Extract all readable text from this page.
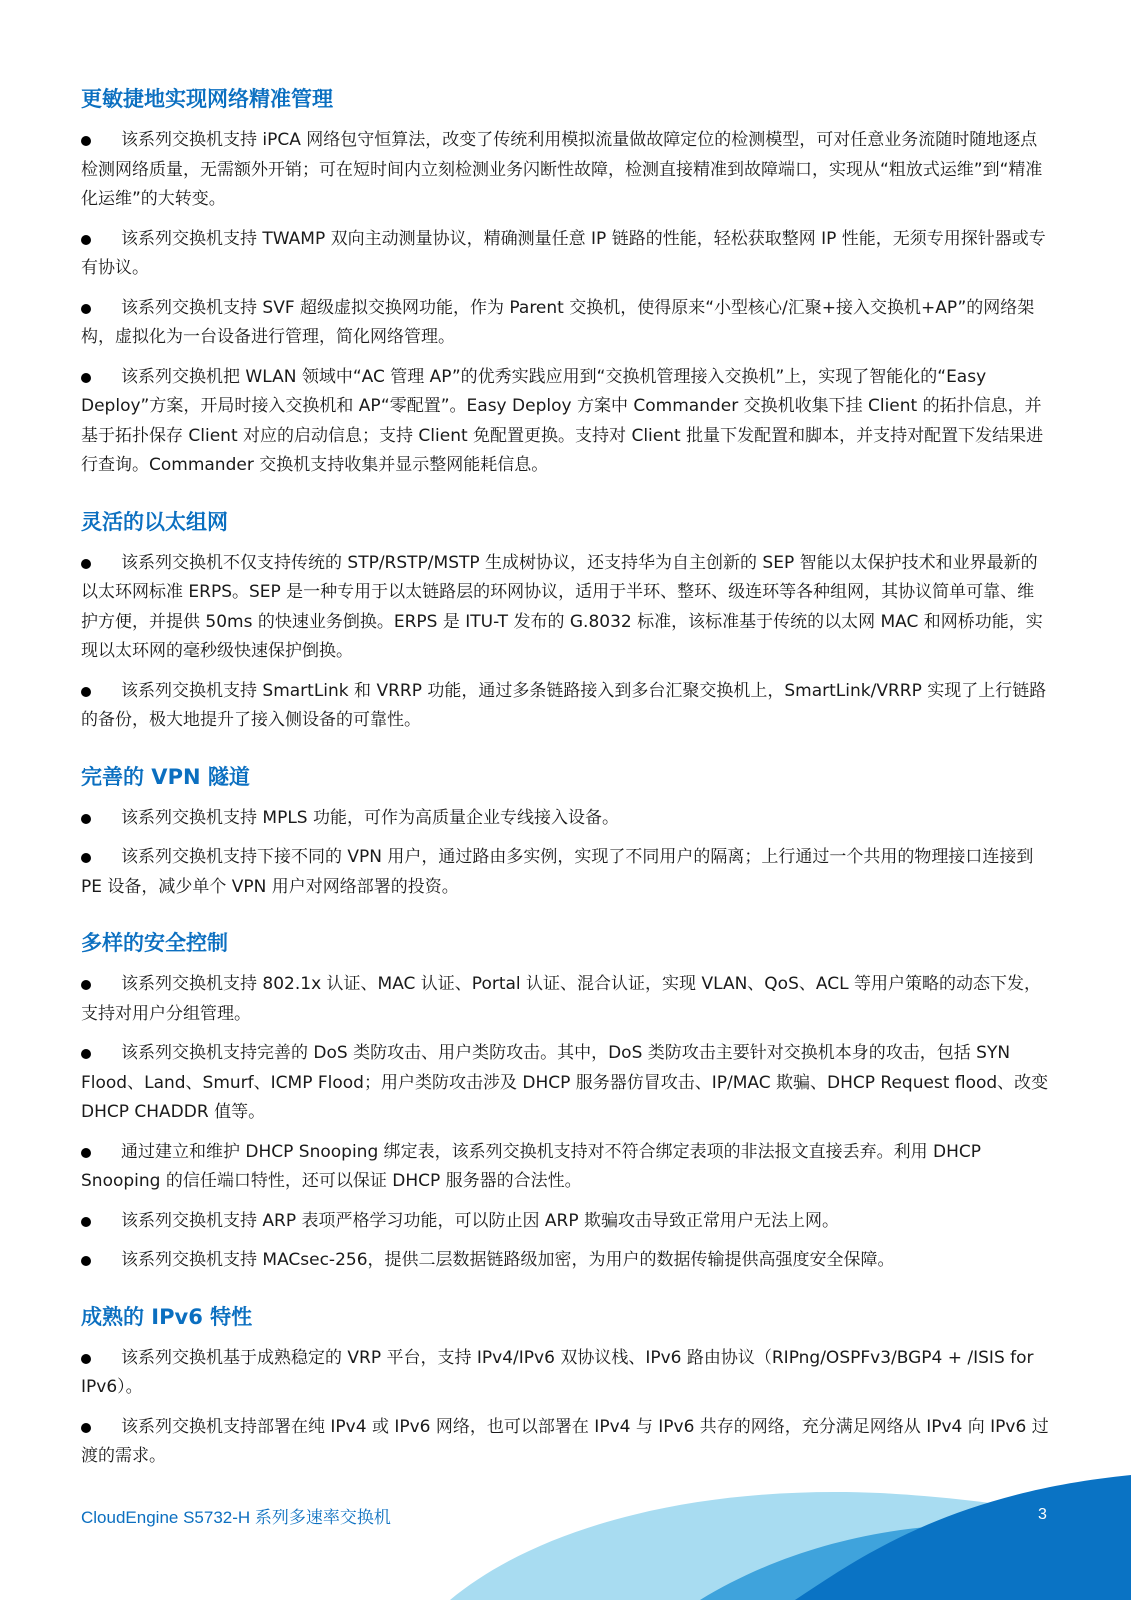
更敏捷地实现网络精准管理

该系列交换机支持 iPCA 网络包守恒算法，改变了传统利用模拟流量做故障定位的检测模型，可对任意业务流随时随地逐点检测网络质量，无需额外开销；可在短时间内立刻检测业务闪断性故障，检测直接精准到故障端口，实现从“粗放式运维”到“精准化运维”的大转变。

该系列交换机支持 TWAMP 双向主动测量协议，精确测量任意 IP 链路的性能，轻松获取整网 IP 性能，无须专用探针器或专有协议。

该系列交换机支持 SVF 超级虚拟交换网功能，作为 Parent 交换机，使得原来“小型核心/汇聚+接入交换机+AP”的网络架构，虚拟化为一台设备进行管理，简化网络管理。

该系列交换机把 WLAN 领域中“AC 管理 AP”的优秀实践应用到“交换机管理接入交换机”上，实现了智能化的“Easy Deploy”方案，开局时接入交换机和 AP“零配置”。Easy Deploy 方案中 Commander 交换机收集下挂 Client 的拓扑信息，并基于拓扑保存 Client 对应的启动信息；支持 Client 免配置更换。支持对 Client 批量下发配置和脚本，并支持对配置下发结果进行查询。Commander 交换机支持收集并显示整网能耗信息。

灵活的以太组网

该系列交换机不仅支持传统的 STP/RSTP/MSTP 生成树协议，还支持华为自主创新的 SEP 智能以太保护技术和业界最新的以太环网标准 ERPS。SEP 是一种专用于以太链路层的环网协议，适用于半环、整环、级连环等各种组网，其协议简单可靠、维护方便，并提供 50ms 的快速业务倒换。ERPS 是 ITU-T 发布的 G.8032 标准，该标准基于传统的以太网 MAC 和网桥功能，实现以太环网的毫秒级快速保护倒换。

该系列交换机支持 SmartLink 和 VRRP 功能，通过多条链路接入到多台汇聚交换机上，SmartLink/VRRP 实现了上行链路的备份，极大地提升了接入侧设备的可靠性。

完善的 VPN 隧道

该系列交换机支持 MPLS 功能，可作为高质量企业专线接入设备。

该系列交换机支持下接不同的 VPN 用户，通过路由多实例，实现了不同用户的隔离；上行通过一个共用的物理接口连接到 PE 设备，减少单个 VPN 用户对网络部署的投资。

多样的安全控制

该系列交换机支持 802.1x 认证、MAC 认证、Portal 认证、混合认证，实现 VLAN、QoS、ACL 等用户策略的动态下发，支持对用户分组管理。

该系列交换机支持完善的 DoS 类防攻击、用户类防攻击。其中，DoS 类防攻击主要针对交换机本身的攻击，包括 SYN Flood、Land、Smurf、ICMP Flood；用户类防攻击涉及 DHCP 服务器仿冒攻击、IP/MAC 欺骗、DHCP Request flood、改变 DHCP CHADDR 值等。

通过建立和维护 DHCP Snooping 绑定表，该系列交换机支持对不符合绑定表项的非法报文直接丢弃。利用 DHCP Snooping 的信任端口特性，还可以保证 DHCP 服务器的合法性。

该系列交换机支持 ARP 表项严格学习功能，可以防止因 ARP 欺骗攻击导致正常用户无法上网。

该系列交换机支持 MACsec-256，提供二层数据链路级加密，为用户的数据传输提供高强度安全保障。

成熟的 IPv6 特性

该系列交换机基于成熟稳定的 VRP 平台，支持 IPv4/IPv6 双协议栈、IPv6 路由协议（RIPng/OSPFv3/BGP4 + /ISIS for IPv6）。

该系列交换机支持部署在纯 IPv4 或 IPv6 网络，也可以部署在 IPv4 与 IPv6 共存的网络，充分满足网络从 IPv4 向 IPv6 过渡的需求。

CloudEngine S5732-H 系列多速率交换机	3
